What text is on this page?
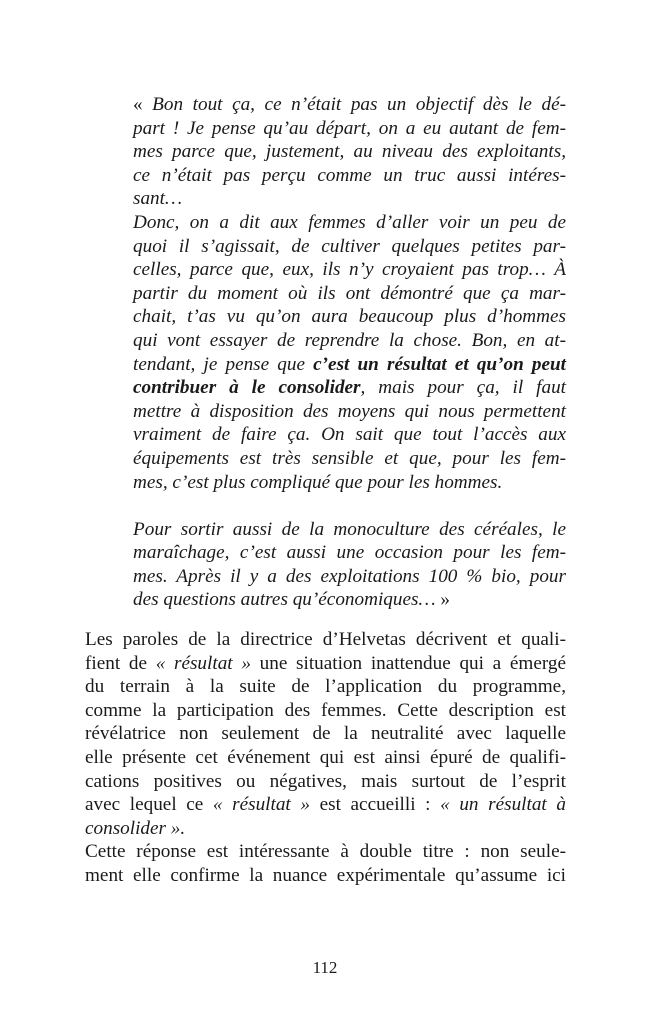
« Bon tout ça, ce n’était pas un objectif dès le dé-
part ! Je pense qu’au départ, on a eu autant de fem-
mes parce que, justement, au niveau des exploitants,
ce n’était pas perçu comme un truc aussi intéres-
sant…
Donc, on a dit aux femmes d’aller voir un peu de
quoi il s’agissait, de cultiver quelques petites par-
celles, parce que, eux, ils n’y croyaient pas trop… À
partir du moment où ils ont démontré que ça mar-
chait, t’as vu qu’on aura beaucoup plus d’hommes
qui vont essayer de reprendre la chose. Bon, en at-
tendant, je pense que c’est un résultat et qu’on peut
contribuer à le consolider, mais pour ça, il faut
mettre à disposition des moyens qui nous permettent
vraiment de faire ça. On sait que tout l’accès aux
équipements est très sensible et que, pour les fem-
mes, c’est plus compliqué que pour les hommes.
Pour sortir aussi de la monoculture des céréales, le
maraîchage, c’est aussi une occasion pour les fem-
mes. Après il y a des exploitations 100 % bio, pour
des questions autres qu’économiques… »
Les paroles de la directrice d’Helvetas décrivent et quali-
fient de « résultat » une situation inattendue qui a émergé
du terrain à la suite de l’application du programme,
comme la participation des femmes. Cette description est
révélatrice non seulement de la neutralité avec laquelle
elle présente cet événement qui est ainsi épuré de qualifi-
cations positives ou négatives, mais surtout de l’esprit
avec lequel ce « résultat » est accueilli : « un résultat à
consolider ».
Cette réponse est intéressante à double titre : non seule-
ment elle confirme la nuance expérimentale qu’assume ici
112
